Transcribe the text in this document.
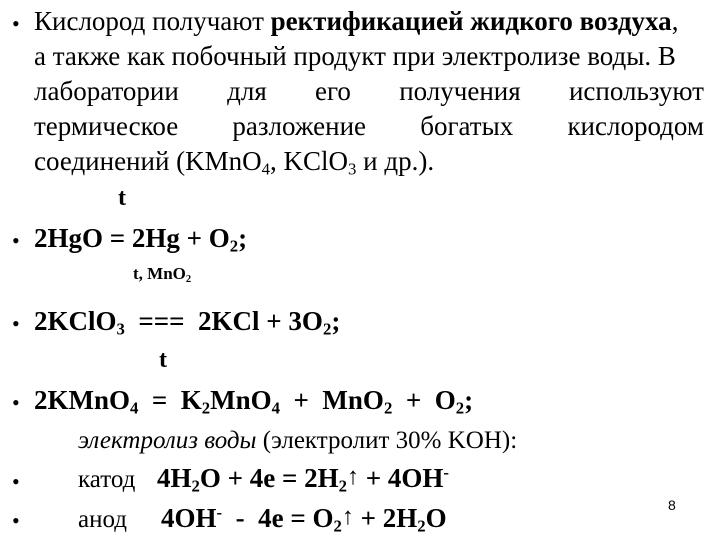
• Кислород получают ректификацией жидкого воздуха,
а также как побочный продукт при электролизе воды. В
лаборатории для его получения используют
термическое разложение богатых кислородом
соединений (KMnO$_4$, KClO$_3$ и др.).
t
• $2HgO = 2Hg + O_2$;
t, MnO$_2$
• 2KClO$_3$  ===  $2KCl + 3O_2$;
t
• 2KMnO$_4$  =  $K_2MnO_4 + MnO_2 + O_2$;
электролиз воды (электролит 30% KOH):
• катод $4H_2O + 4e$ = $2H_2↑ + 4OH^-$
• анод $4OH^- - 4e = O_2↑ + 2H_2O$	8
